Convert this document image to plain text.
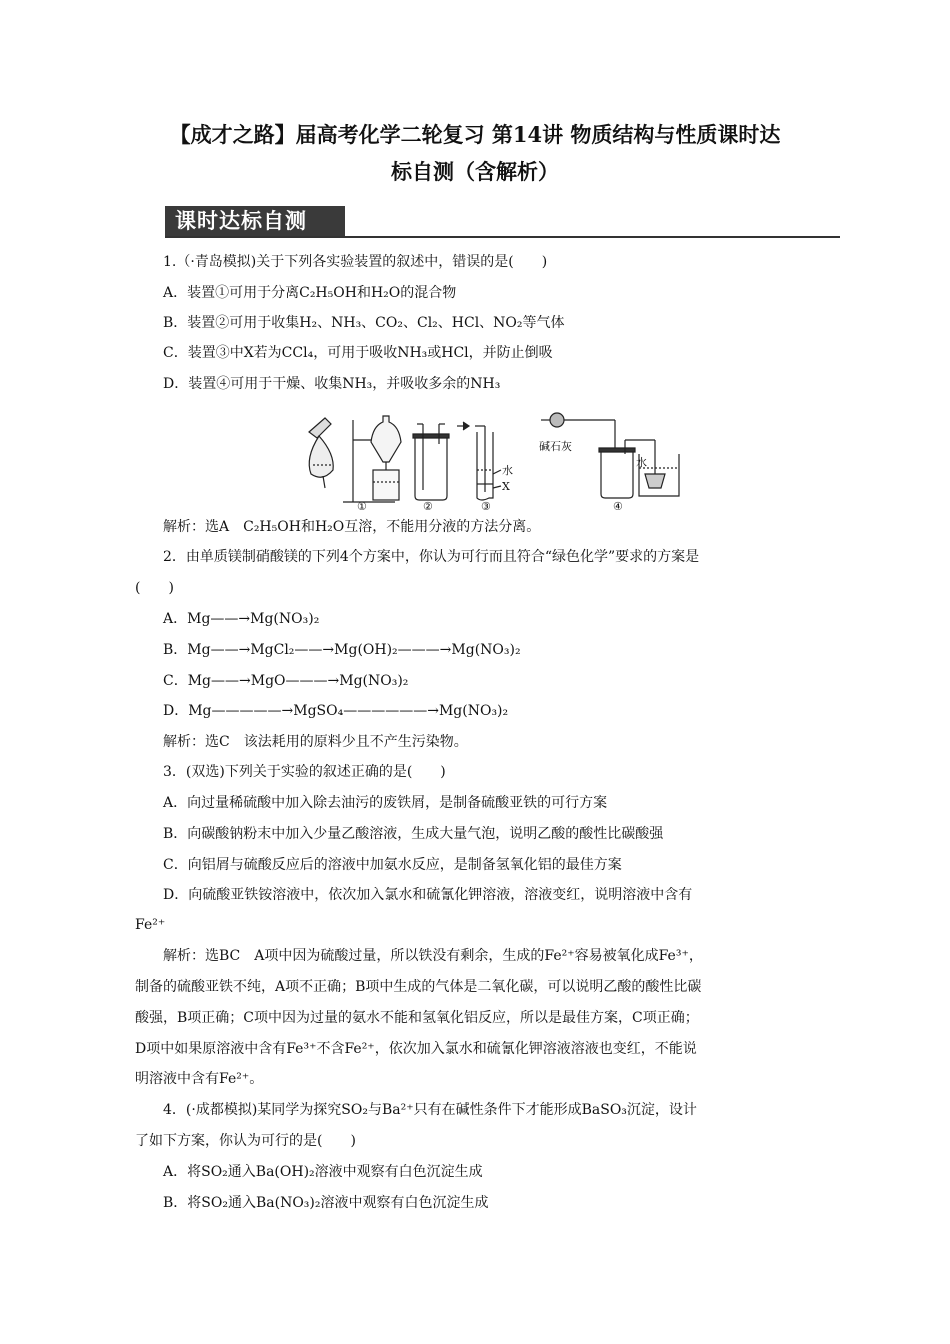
【成才之路】届高考化学二轮复习 第14讲 物质结构与性质课时达
标自测（含解析）
课时达标自测
1.（·青岛模拟)关于下列各实验装置的叙述中，错误的是(　　)
A．装置①可用于分离C₂H₅OH和H₂O的混合物
B．装置②可用于收集H₂、NH₃、CO₂、Cl₂、HCl、NO₂等气体
C．装置③中X若为CCl₄，可用于吸收NH₃或HCl，并防止倒吸
D．装置④可用于干燥、收集NH₃，并吸收多余的NH₃
①	②	③	④
水
X
碱石灰
水
解析：选A　C₂H₅OH和H₂O互溶，不能用分液的方法分离。
2．由单质镁制硝酸镁的下列4个方案中，你认为可行而且符合“绿色化学”要求的方案是
(　　)
A．Mg——→Mg(NO₃)₂
B．Mg——→MgCl₂——→Mg(OH)₂———→Mg(NO₃)₂
C．Mg——→MgO———→Mg(NO₃)₂
D．Mg—————→MgSO₄——————→Mg(NO₃)₂
解析：选C　该法耗用的原料少且不产生污染物。
3．(双选)下列关于实验的叙述正确的是(　　)
A．向过量稀硫酸中加入除去油污的废铁屑，是制备硫酸亚铁的可行方案
B．向碳酸钠粉末中加入少量乙酸溶液，生成大量气泡，说明乙酸的酸性比碳酸强
C．向铝屑与硫酸反应后的溶液中加氨水反应，是制备氢氧化铝的最佳方案
D．向硫酸亚铁铵溶液中，依次加入氯水和硫氰化钾溶液，溶液变红，说明溶液中含有
Fe²⁺
解析：选BC　A项中因为硫酸过量，所以铁没有剩余，生成的Fe²⁺容易被氧化成Fe³⁺，
制备的硫酸亚铁不纯，A项不正确；B项中生成的气体是二氧化碳，可以说明乙酸的酸性比碳
酸强，B项正确；C项中因为过量的氨水不能和氢氧化铝反应，所以是最佳方案，C项正确；
D项中如果原溶液中含有Fe³⁺不含Fe²⁺，依次加入氯水和硫氰化钾溶液溶液也变红，不能说
明溶液中含有Fe²⁺。
4．(·成都模拟)某同学为探究SO₂与Ba²⁺只有在碱性条件下才能形成BaSO₃沉淀，设计
了如下方案，你认为可行的是(　　)
A．将SO₂通入Ba(OH)₂溶液中观察有白色沉淀生成
B．将SO₂通入Ba(NO₃)₂溶液中观察有白色沉淀生成
